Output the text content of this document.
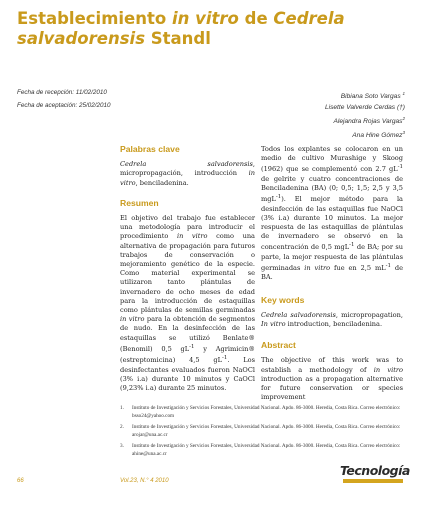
Establecimiento in vitro de Cedrela salvadorensis Standl
Fecha de recepción: 11/02/2010
Fecha de aceptación: 25/02/2010
Bibiana Soto Vargas $^1$
Lisette Valverde Cerdas (†)
Alejandra Rojas Vargas$^2$
Ana Hine Gómez$^3$
Palabras clave
Cedrela salvadorensis, micropropagación, introducción in vitro, benciladenina.
Resumen
El objetivo del trabajo fue establecer una metodología para introducir el procedimiento in vitro como una alternativa de propagación para futuros trabajos de conservación o mejoramiento genético de la especie. Como material experimental se utilizaron tanto plántulas de invernadero de ocho meses de edad para la introducción de estaquillas como plántulas de semillas germinadas in vitro para la obtención de segmentos de nudo. En la desinfección de las estaquillas se utilizó Benlate® (Benomil) 0,5 $gL^{-1}$ y Agrimicin® (estreptomicina) 4,5 $gL^{-1}$. Los desinfectantes evaluados fueron NaOCl (3% i.a) durante 10 minutos y CaOCl (9,23% i.a) durante 25 minutos.
Todos los explantes se colocaron en un medio de cultivo Murashige y Skoog (1962) que se complementó con 2.7 $gL^{-1}$ de gelrite y cuatro concentraciones de Benciladenina (BA) (0; 0,5; 1,5; 2,5 y 3,5 mgL$^{-1}$). El mejor método para la desinfección de las estaquillas fue NaOCl (3% i.a) durante 10 minutos. La mejor respuesta de las estaquillas de plántulas de invernadero se observó en la concentración de 0,5 mgL$^{-1}$ de BA; por su parte, la mejor respuesta de las plántulas germinadas in vitro fue en 2,5 $mL^{-1}$ de BA.
Key words
Cedrela salvadorensis, micropropagation, In vitro introduction, benciladenina.
Abstract
The objective of this work was to establish a methodology of in vitro introduction as a propagation alternative for future conservation or species improvement
1.	Instituto de Investigación y Servicios Forestales, Universidad Nacional. Apdo. 86-3000. Heredia, Costa Rica. Correo electrónico: bsso24@yahoo.com
2.	Instituto de Investigación y Servicios Forestales, Universidad Nacional. Apdo. 86-3000. Heredia, Costa Rica. Correo electrónico: arojar@una.ac.cr
3.	Instituto de Investigación y Servicios Forestales, Universidad Nacional. Apdo. 86-3000. Heredia, Costa Rica. Correo electrónico: ahine@una.ac.cr
66	Vol.23, N.° 4 2010
Tecnología
